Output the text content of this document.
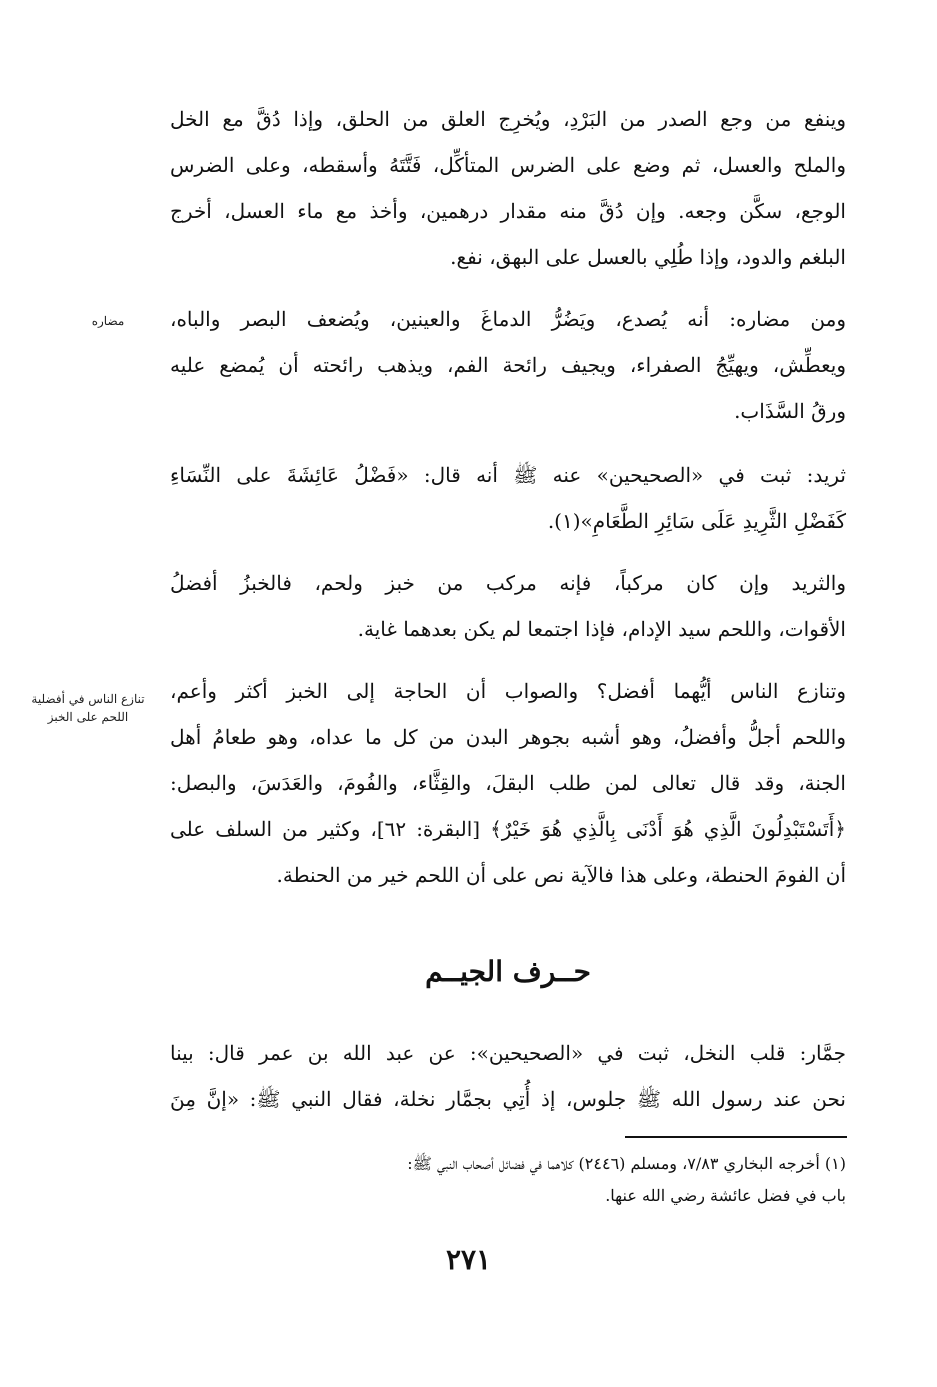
وينفع من وجع الصدر من البَرْدِ، ويُخرِج العلق من الحلق، وإذا دُقَّ مع الخل
والملح والعسل، ثم وضع على الضرس المتأكِّل، فَتَّتَهُ وأسقطه، وعلى الضرس
الوجع، سكَّن وجعه. وإن دُقَّ منه مقدار درهمين، وأخذ مع ماء العسل، أخرج
البلغم والدود، وإذا طُلِي بالعسل على البهق، نفع.
ومن مضاره: أنه يُصدع، ويَضُرُّ الدماغَ والعينين، ويُضعف البصر والباه،
ويعطِّش، ويهيِّجُ الصفراء، ويجيف رائحة الفم، ويذهب رائحته أن يُمضع عليه
ورقُ السَّذَاب.
مضاره
ثريد: ثبت في «الصحيحين» عنه ﷺ أنه قال: «فَضْلُ عَائِشَةَ على النِّسَاءِ
كَفَضْلِ الثَّرِيدِ عَلَى سَائِرِ الطَّعَامِ»(١).
والثريد وإن كان مركباً، فإنه مركب من خبز ولحم، فالخبزُ أفضلُ
الأقوات، واللحم سيد الإدام، فإذا اجتمعا لم يكن بعدهما غاية.
وتنازع الناس أيُّهما أفضل؟ والصواب أن الحاجة إلى الخبز أكثر وأعم،
واللحم أجلُّ وأفضلُ، وهو أشبه بجوهر البدن من كل ما عداه، وهو طعامُ أهل
الجنة، وقد قال تعالى لمن طلب البقلَ، والقِثَّاء، والفُومَ، والعَدَسَ، والبصل:
﴿أَتَسْتَبْدِلُونَ الَّذِي هُوَ أَدْنَى بِالَّذِي هُوَ خَيْرٌ﴾ [البقرة: ٦٢]، وكثير من السلف على
أن الفومَ الحنطة، وعلى هذا فالآية نص على أن اللحم خير من الحنطة.
تنازع الناس في أفضلية
اللحم على الخبز
حــرف الجيــم
جمَّار: قلب النخل، ثبت في «الصحيحين»: عن عبد الله بن عمر قال: بينا
نحن عند رسول الله ﷺ جلوس، إذ أُتِي بجمَّار نخلة، فقال النبي ﷺ: «إنَّ مِنَ
(١) أخرجه البخاري ٧/٨٣، ومسلم (٢٤٤٦) كلاهما في فضائل أصحاب النبي ﷺ:
باب في فضل عائشة رضي الله عنها.
٢٧١
